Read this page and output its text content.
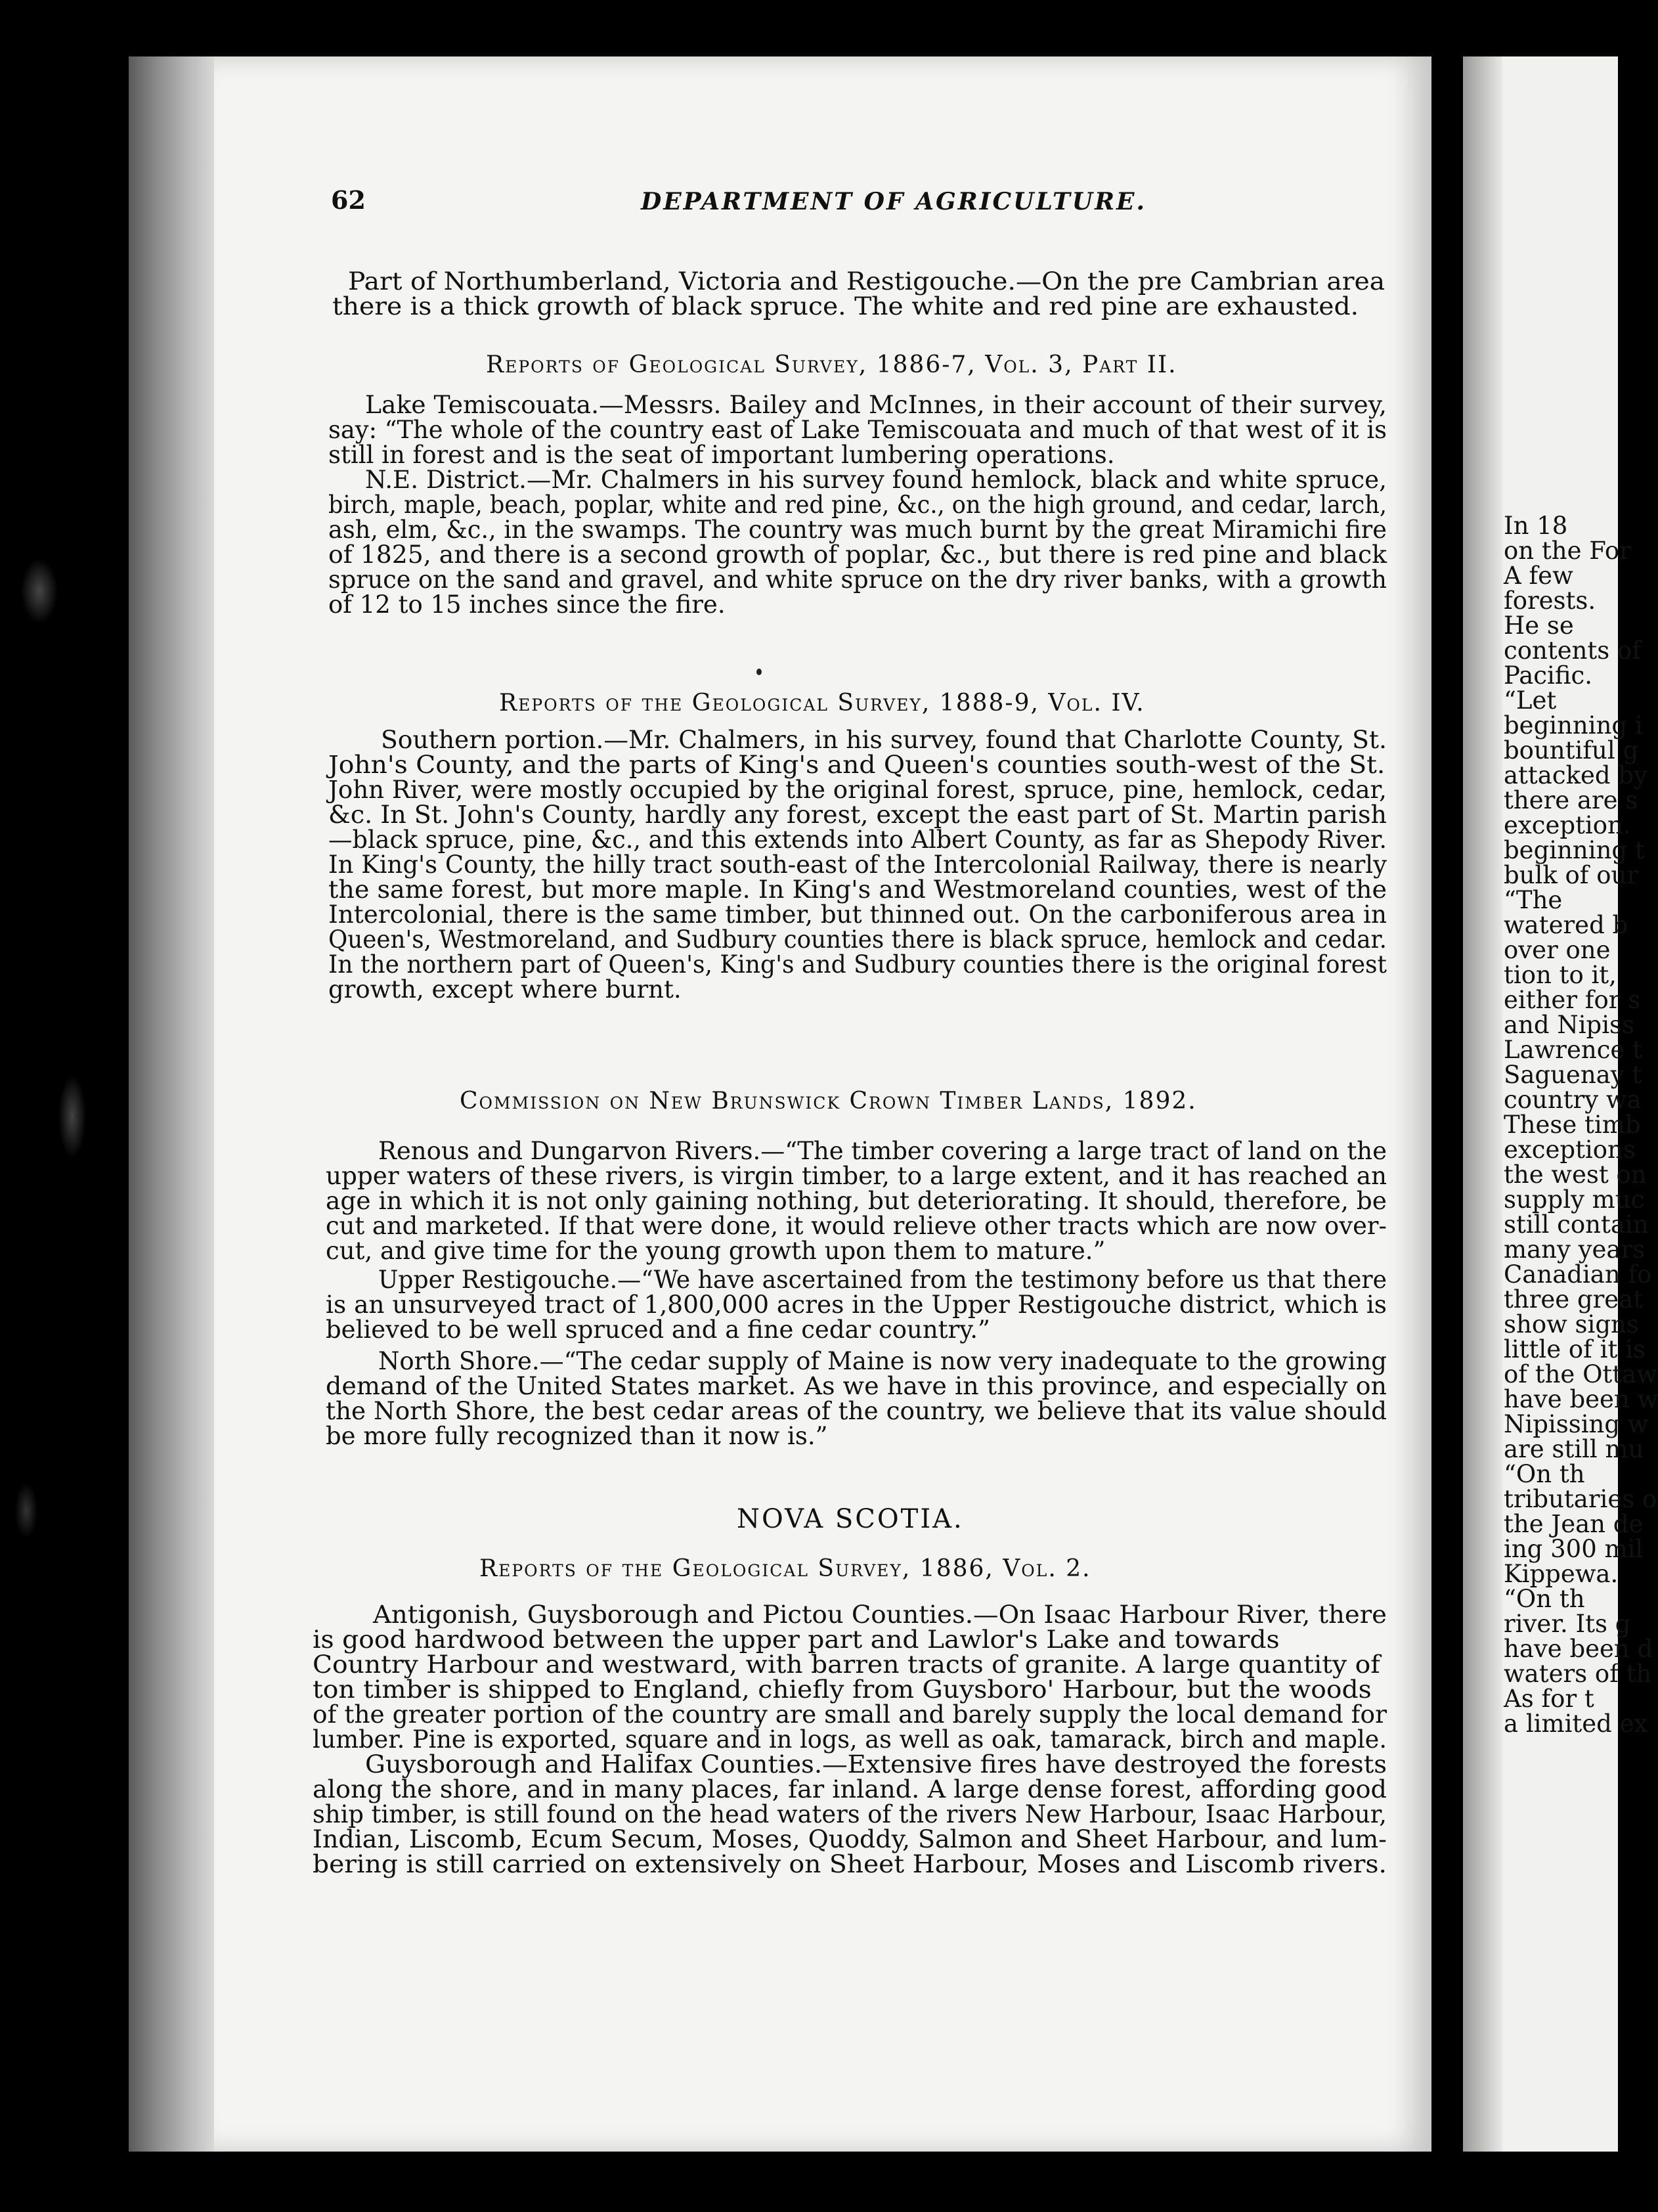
62	DEPARTMENT OF AGRICULTURE.
Part of Northumberland, Victoria and Restigouche.—On the pre Cambrian area
there is a thick growth of black spruce. The white and red pine are exhausted.
Reports of Geological Survey, 1886-7, Vol. 3, Part II.
Lake Temiscouata.—Messrs. Bailey and McInnes, in their account of their survey,
say: “The whole of the country east of Lake Temiscouata and much of that west of it is
still in forest and is the seat of important lumbering operations.
N.E. District.—Mr. Chalmers in his survey found hemlock, black and white spruce,
birch, maple, beach, poplar, white and red pine, &c., on the high ground, and cedar, larch,
ash, elm, &c., in the swamps. The country was much burnt by the great Miramichi fire
of 1825, and there is a second growth of poplar, &c., but there is red pine and black
spruce on the sand and gravel, and white spruce on the dry river banks, with a growth
of 12 to 15 inches since the fire.
Reports of the Geological Survey, 1888-9, Vol. IV.
Southern portion.—Mr. Chalmers, in his survey, found that Charlotte County, St.
John's County, and the parts of King's and Queen's counties south-west of the St.
John River, were mostly occupied by the original forest, spruce, pine, hemlock, cedar,
&c. In St. John's County, hardly any forest, except the east part of St. Martin parish
—black spruce, pine, &c., and this extends into Albert County, as far as Shepody River.
In King's County, the hilly tract south-east of the Intercolonial Railway, there is nearly
the same forest, but more maple. In King's and Westmoreland counties, west of the
Intercolonial, there is the same timber, but thinned out. On the carboniferous area in
Queen's, Westmoreland, and Sudbury counties there is black spruce, hemlock and cedar.
In the northern part of Queen's, King's and Sudbury counties there is the original forest
growth, except where burnt.
Commission on New Brunswick Crown Timber Lands, 1892.
Renous and Dungarvon Rivers.—“The timber covering a large tract of land on the
upper waters of these rivers, is virgin timber, to a large extent, and it has reached an
age in which it is not only gaining nothing, but deteriorating. It should, therefore, be
cut and marketed. If that were done, it would relieve other tracts which are now over-
cut, and give time for the young growth upon them to mature.”
Upper Restigouche.—“We have ascertained from the testimony before us that there
is an unsurveyed tract of 1,800,000 acres in the Upper Restigouche district, which is
believed to be well spruced and a fine cedar country.”
North Shore.—“The cedar supply of Maine is now very inadequate to the growing
demand of the United States market. As we have in this province, and especially on
the North Shore, the best cedar areas of the country, we believe that its value should
be more fully recognized than it now is.”
NOVA SCOTIA.
Reports of the Geological Survey, 1886, Vol. 2.
Antigonish, Guysborough and Pictou Counties.—On Isaac Harbour River, there
is good hardwood between the upper part and Lawlor's Lake and towards
Country Harbour and westward, with barren tracts of granite. A large quantity of
ton timber is shipped to England, chiefly from Guysboro' Harbour, but the woods
of the greater portion of the country are small and barely supply the local demand for
lumber. Pine is exported, square and in logs, as well as oak, tamarack, birch and maple.
Guysborough and Halifax Counties.—Extensive fires have destroyed the forests
along the shore, and in many places, far inland. A large dense forest, affording good
ship timber, is still found on the head waters of the rivers New Harbour, Isaac Harbour,
Indian, Liscomb, Ecum Secum, Moses, Quoddy, Salmon and Sheet Harbour, and lum-
bering is still carried on extensively on Sheet Harbour, Moses and Liscomb rivers.
In 18
on the For
A few
forests.
He se
contents of
Pacific.
“Let
beginning i
bountiful g
attacked by
there are s
exception.
beginning t
bulk of our
“The
watered b
over one
tion to it,
either for s
and Nipiss
Lawrence t
Saguenay t
country wa
These timb
exceptions
the west on
supply muc
still contain
many years
Canadian fo
three great
show signs
little of it is
of the Ottaw
have been w
Nipissing w
are still mu
“On th
tributaries o
the Jean de
ing 300 mil
Kippewa.
“On th
river. Its g
have been d
waters of th
As for t
a limited ex
